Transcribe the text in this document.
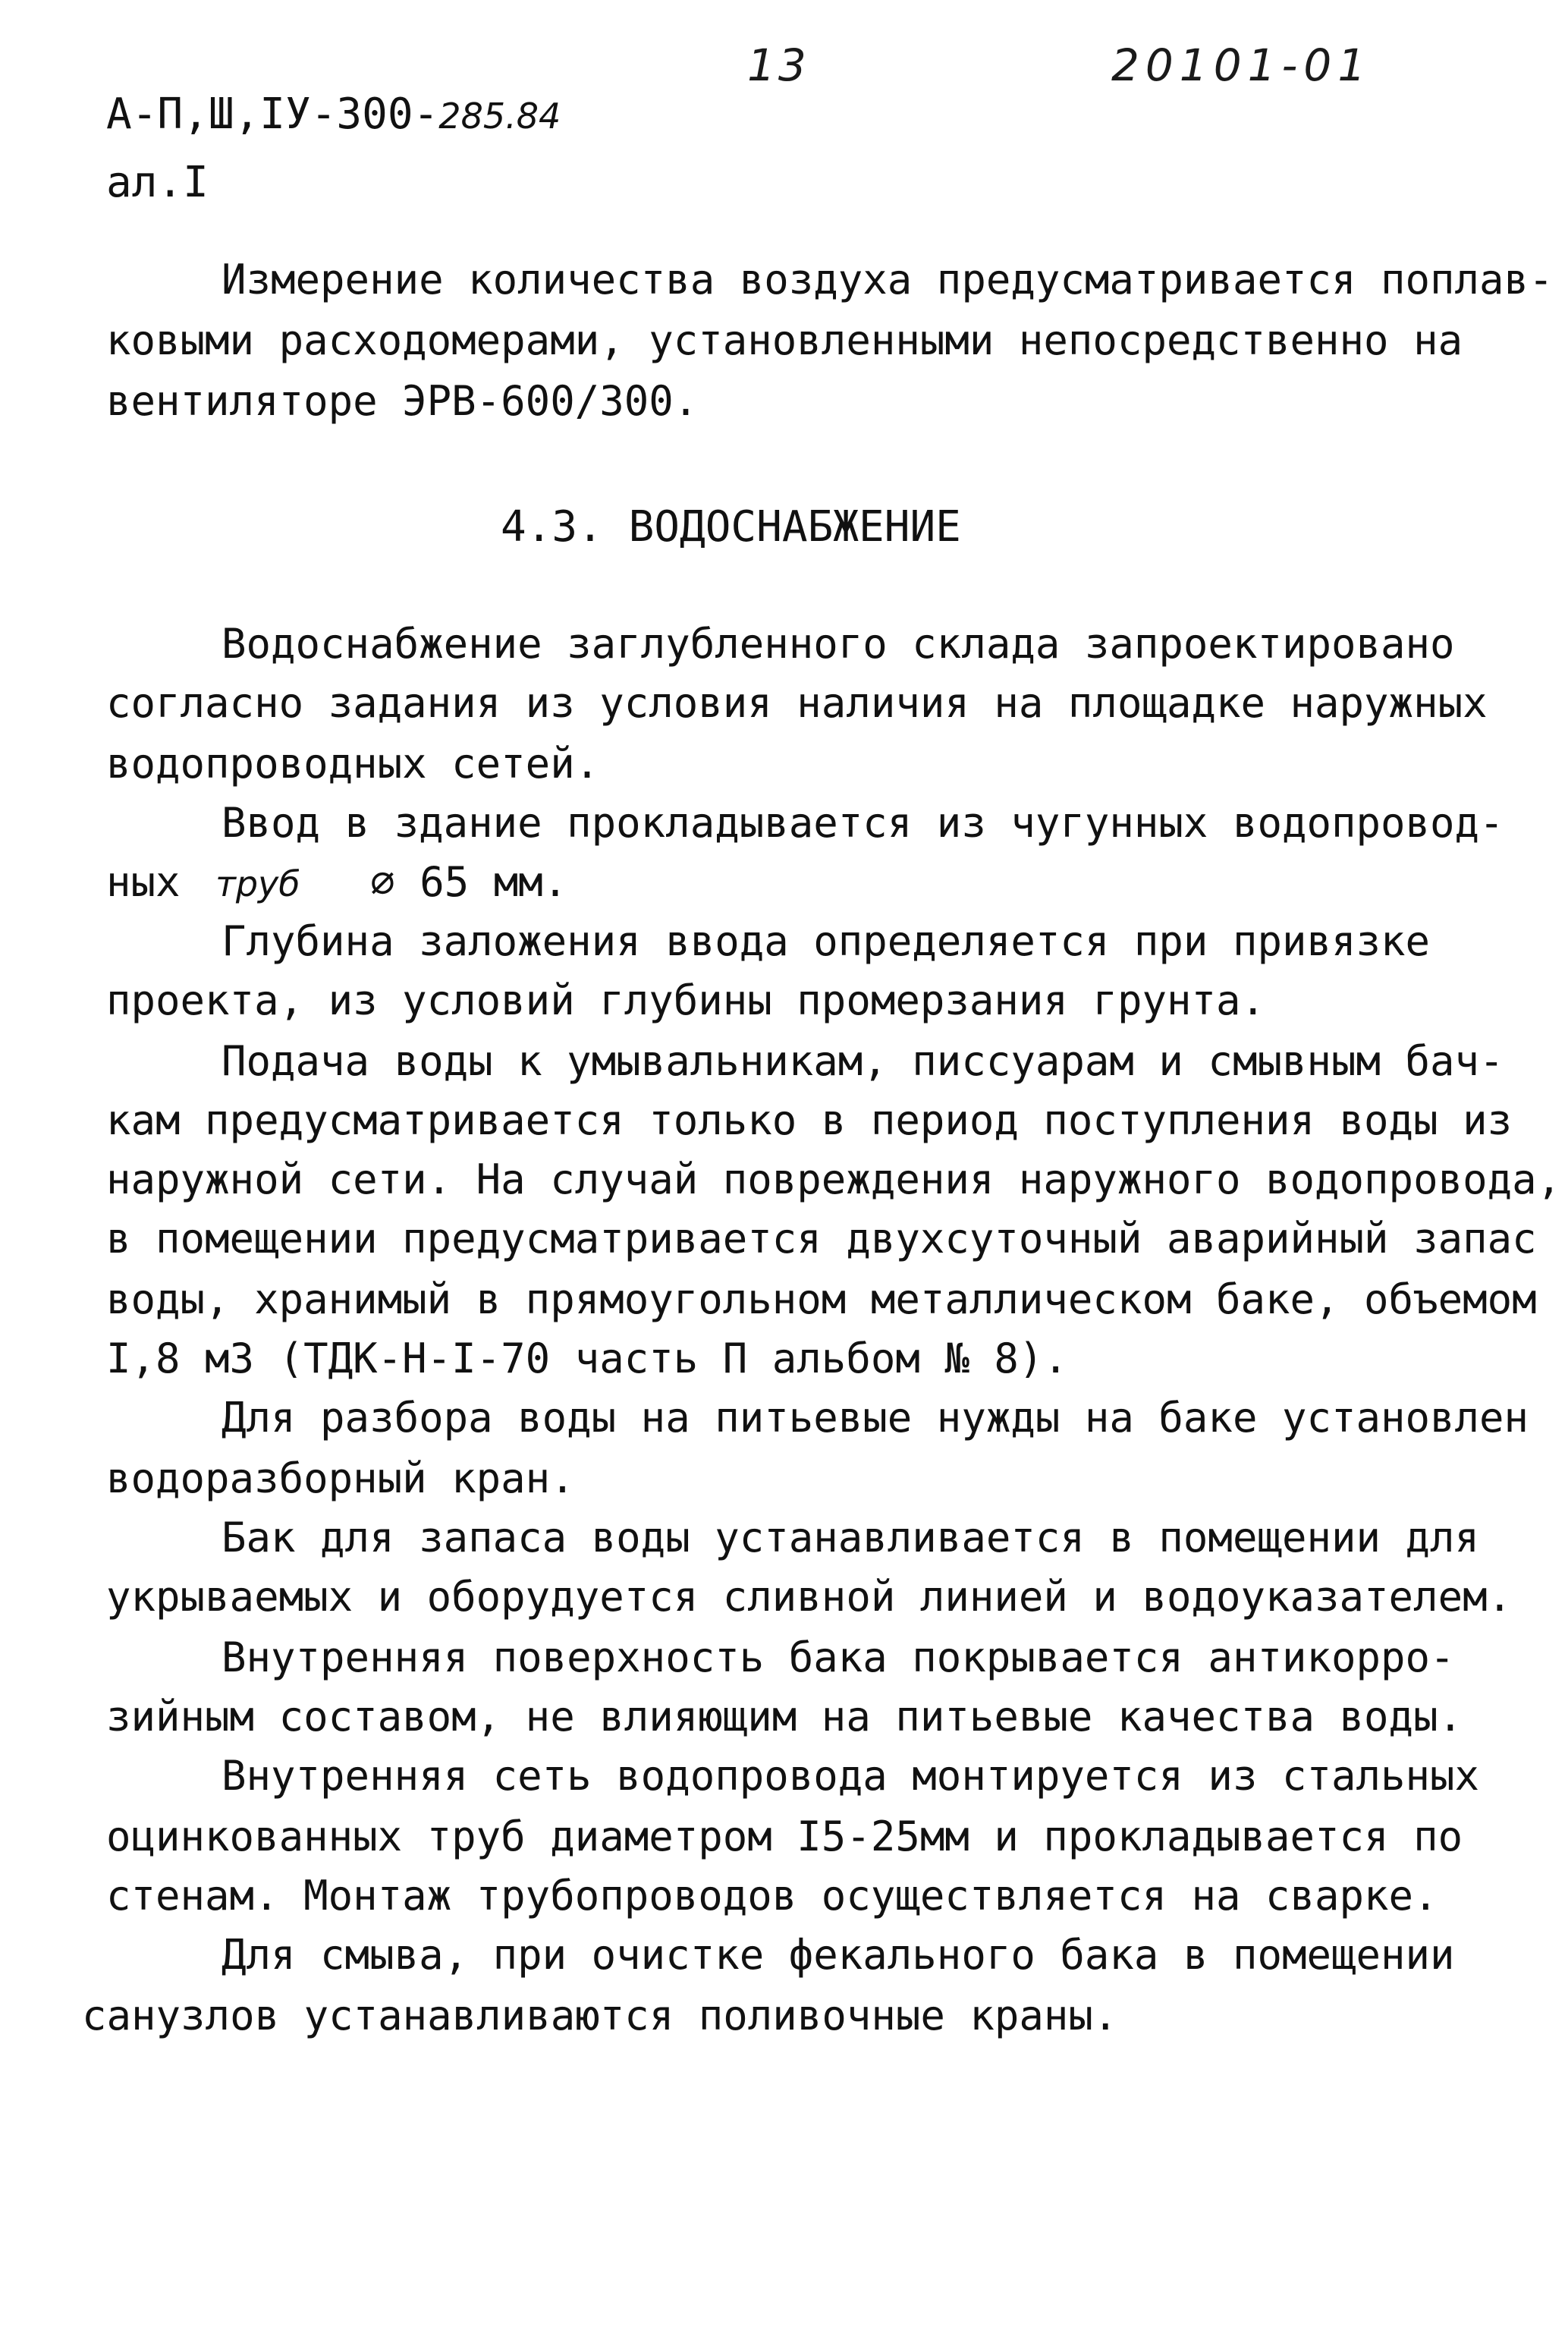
13	20101-01
А-П,Ш,IУ-300-285.84
ал.I
Измерение количества воздуха предусматривается поплав-
ковыми расходомерами, установленными непосредственно на
вентиляторе ЭРВ-600/300.
4.3. ВОДОСНАБЖЕНИЕ
Водоснабжение заглубленного склада запроектировано
согласно задания из условия наличия на площадке наружных
водопроводных сетей.
Ввод в здание прокладывается из чугунных водопровод-
ных труб ⌀ 65 мм.
Глубина заложения ввода определяется при привязке
проекта, из условий глубины промерзания грунта.
Подача воды к умывальникам, писсуарам и смывным бач-
кам предусматривается только в период поступления воды из
наружной сети. На случай повреждения наружного водопровода,
в помещении предусматривается двухсуточный аварийный запас
воды, хранимый в прямоугольном металлическом баке, объемом
I,8 м3 (ТДК-Н-I-70 часть П альбом № 8).
Для разбора воды на питьевые нужды на баке установлен
водоразборный кран.
Бак для запаса воды устанавливается в помещении для
укрываемых и оборудуется сливной линией и водоуказателем.
Внутренняя поверхность бака покрывается антикорро-
зийным составом, не влияющим на питьевые качества воды.
Внутренняя сеть водопровода монтируется из стальных
оцинкованных труб диаметром I5-25мм и прокладывается по
стенам. Монтаж трубопроводов осуществляется на сварке.
Для смыва, при очистке фекального бака в помещении
санузлов устанавливаются поливочные краны.
